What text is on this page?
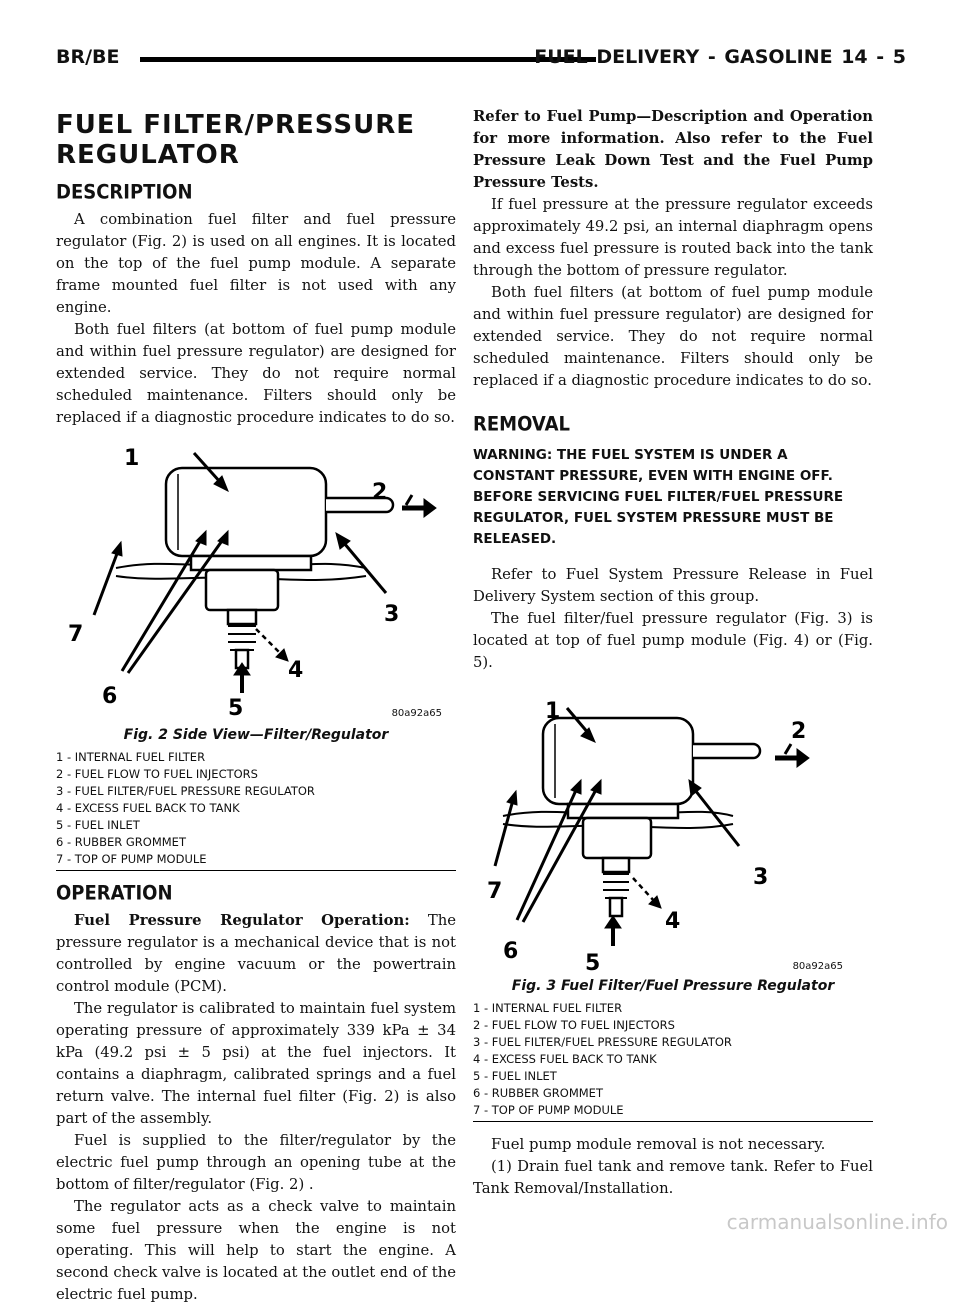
BR/BE	FUEL DELIVERY - GASOLINE 14 - 5
FUEL FILTER/PRESSURE REGULATOR
DESCRIPTION

A combination fuel filter and fuel pressure regulator (Fig. 2) is used on all engines. It is located on the top of the fuel pump module. A separate frame mounted fuel filter is not used with any engine.

Both fuel filters (at bottom of fuel pump module and within fuel pressure regulator) are designed for extended service. They do not require normal scheduled maintenance. Filters should only be replaced if a diagnostic procedure indicates to do so.

1
2
3
4
5
6
7
80a92a65
Fig. 2 Side View—Filter/Regulator
1 - INTERNAL FUEL FILTER
2 - FUEL FLOW TO FUEL INJECTORS
3 - FUEL FILTER/FUEL PRESSURE REGULATOR
4 - EXCESS FUEL BACK TO TANK
5 - FUEL INLET
6 - RUBBER GROMMET
7 - TOP OF PUMP MODULE
OPERATION

Fuel Pressure Regulator Operation: The pressure regulator is a mechanical device that is not controlled by engine vacuum or the powertrain control module (PCM).

The regulator is calibrated to maintain fuel system operating pressure of approximately 339 kPa ± 34 kPa (49.2 psi ± 5 psi) at the fuel injectors. It contains a diaphragm, calibrated springs and a fuel return valve. The internal fuel filter (Fig. 2) is also part of the assembly.

Fuel is supplied to the filter/regulator by the electric fuel pump through an opening tube at the bottom of filter/regulator (Fig. 2) .

The regulator acts as a check valve to maintain some fuel pressure when the engine is not operating. This will help to start the engine. A second check valve is located at the outlet end of the electric fuel pump.

Refer to Fuel Pump—Description and Operation for more information. Also refer to the Fuel Pressure Leak Down Test and the Fuel Pump Pressure Tests.

If fuel pressure at the pressure regulator exceeds approximately 49.2 psi, an internal diaphragm opens and excess fuel pressure is routed back into the tank through the bottom of pressure regulator.

Both fuel filters (at bottom of fuel pump module and within fuel pressure regulator) are designed for extended service. They do not require normal scheduled maintenance. Filters should only be replaced if a diagnostic procedure indicates to do so.

REMOVAL
WARNING: THE FUEL SYSTEM IS UNDER A CONSTANT PRESSURE, EVEN WITH ENGINE OFF. BEFORE SERVICING FUEL FILTER/FUEL PRESSURE REGULATOR, FUEL SYSTEM PRESSURE MUST BE RELEASED.

Refer to Fuel System Pressure Release in Fuel Delivery System section of this group.

The fuel filter/fuel pressure regulator (Fig. 3) is located at top of fuel pump module (Fig. 4) or (Fig. 5).

1
2
3
4
5
6
7
80a92a65
Fig. 3 Fuel Filter/Fuel Pressure Regulator
1 - INTERNAL FUEL FILTER
2 - FUEL FLOW TO FUEL INJECTORS
3 - FUEL FILTER/FUEL PRESSURE REGULATOR
4 - EXCESS FUEL BACK TO TANK
5 - FUEL INLET
6 - RUBBER GROMMET
7 - TOP OF PUMP MODULE

Fuel pump module removal is not necessary.

(1) Drain fuel tank and remove tank. Refer to Fuel Tank Removal/Installation.

carmanualsonline.info
